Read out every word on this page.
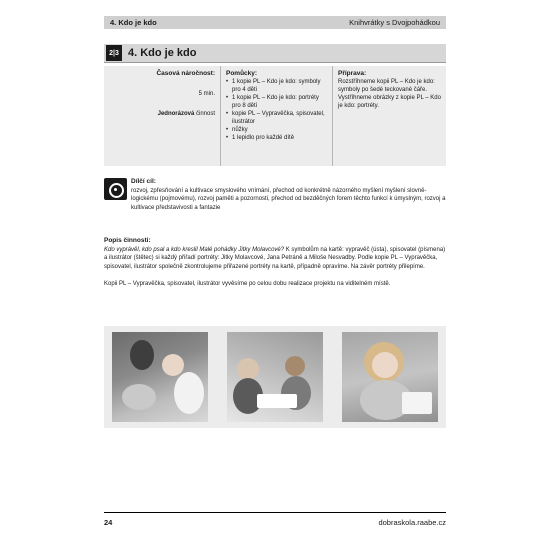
4. Kdo je kdo	Knihvrátky s Dvojpohádkou
2|3 4. Kdo je kdo
Časová náročnost:
5 min.
Jednorázová činnost
Pomůcky:
• 1 kopie PL – Kdo je kdo: symboly pro 4 děti
• 1 kopie PL – Kdo je kdo: portréty pro 8 dětí
• kopie PL – Vypravěčka, spisovatel, ilustrátor
• nůžky
• 1 lepidlo pro každé dítě
Příprava:
Rozstříhneme kopii PL – Kdo je kdo: symboly po šedé teckované čáře. Vystříhneme obrázky z kopie PL – Kdo je kdo: portréty.
Dílčí cíl:
rozvoj, zpřesňování a kultivace smyslového vnímání, přechod od konkrétně názorného myšlení myšlení slovně-logickému (pojmovému), rozvoj paměti a pozornosti, přechod od bezděčných forem těchto funkcí k úmyslným, rozvoj a kultivace představivosti a fantazie
Popis činnosti:

Kdo vyprávěl, kdo psal a kdo kreslil Malé pohádky Jitky Molavcové? K symbolům na kartě: vypravěč (ústa), spisovatel (písmena) a ilustrátor (štětec) si každý přiřadí portréty: Jitky Molavcové, Jana Petráně a Miloše Nesvadby. Podle kopie PL – Vypravěčka, spisovatel, ilustrátor společně zkontrolujeme přiřazené portréty na kartě, případně opravíme. Na závěr portréty přilepíme.

Kopii PL – Vypravěčka, spisovatel, ilustrátor vyvěsíme po celou dobu realizace projektu na viditelném místě.

24	dobraskola.raabe.cz
